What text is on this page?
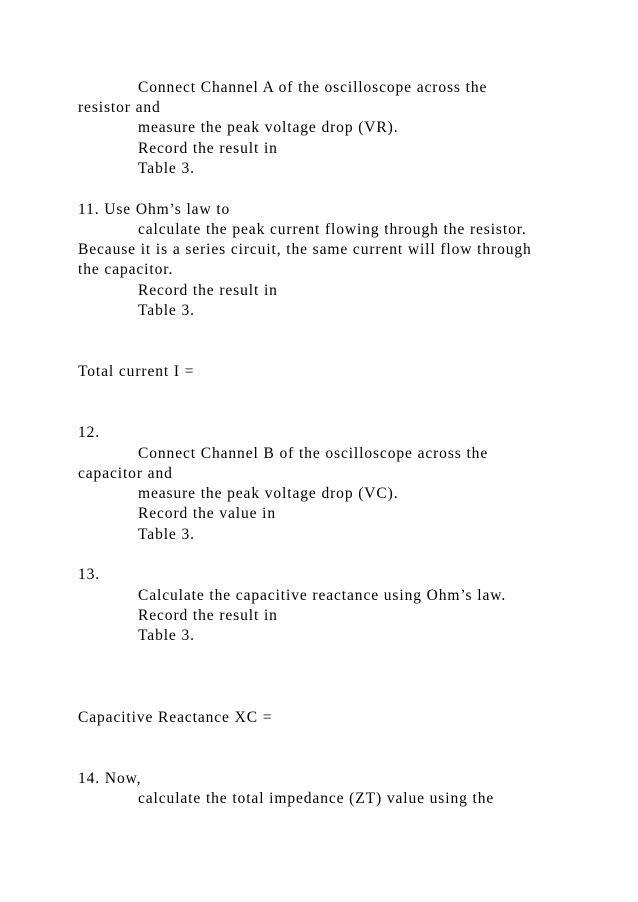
Connect Channel A of the oscilloscope across the
resistor and
measure the peak voltage drop (VR).
Record the result in
Table 3.
11. Use Ohm’s law to
calculate the peak current flowing through the resistor.
Because it is a series circuit, the same current will flow through
the capacitor.
Record the result in
Table 3.
Total current I =
12.
Connect Channel B of the oscilloscope across the
capacitor and
measure the peak voltage drop (VC).
Record the value in
Table 3.
13.
Calculate the capacitive reactance using Ohm’s law.
Record the result in
Table 3.
Capacitive Reactance XC =
14. Now,
calculate the total impedance (ZT) value using the
